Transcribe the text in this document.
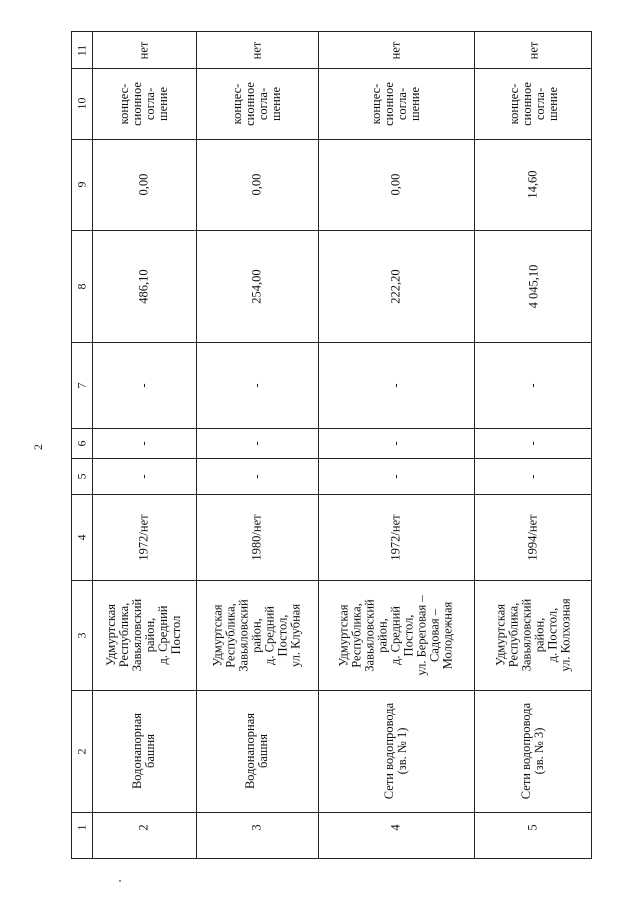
2
1
2
3
4
5
6
7
8
9
10
11	нет
концес-
сионное
согла-
шение
0,00
486,10
-
-
-
1972/нет
Удмуртская
Республика,
Завьяловский
район,
д. Средний
Постол
Водонапорная
башня
2
нет
концес-
сионное
согла-
шение
0,00
254,00
-
-
-
1980/нет
Удмуртская
Республика,
Завьяловский
район,
д. Средний
Постол,
ул. Клубная
Водонапорная
башня
3
нет
концес-
сионное
согла-
шение
0,00
222,20
-
-
-
1972/нет
Удмуртская
Республика,
Завьяловский
район,
д. Средний
Постол,
ул. Береговая –
Садовая –
Молодежная
Сети водопровода
(зв. № 1)
4
нет
концес-
сионное
согла-
шение
14,60
4 045,10
-
-
-
1994/нет
Удмуртская
Республика,
Завьяловский
район,
д. Постол,
ул. Колхозная
Сети водопровода
(зв. № 3)
5
